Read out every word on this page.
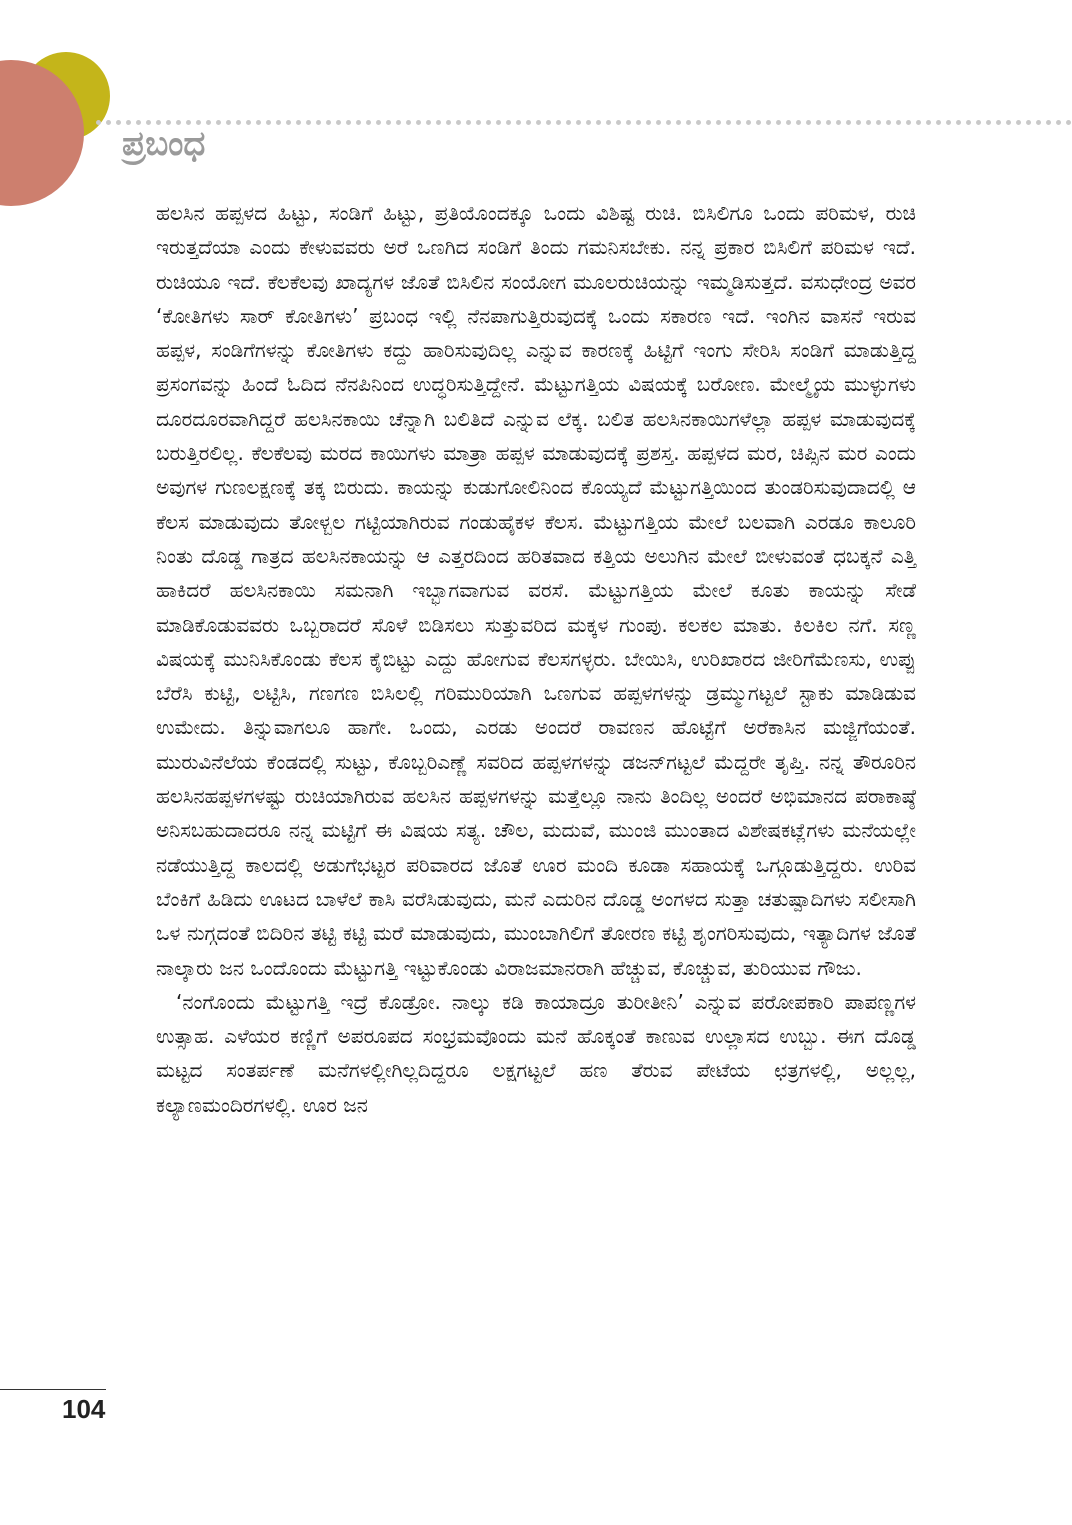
ಪ್ರಬಂಧ

ಹಲಸಿನ ಹಪ್ಪಳದ ಹಿಟ್ಟು, ಸಂಡಿಗೆ ಹಿಟ್ಟು, ಪ್ರತಿಯೊಂದಕ್ಕೂ ಒಂದು ವಿಶಿಷ್ಟ ರುಚಿ. ಬಿಸಿಲಿಗೂ ಒಂದು ಪರಿಮಳ, ರುಚಿ ಇರುತ್ತದೆಯಾ ಎಂದು ಕೇಳುವವರು ಅರೆ ಒಣಗಿದ ಸಂಡಿಗೆ ತಿಂದು ಗಮನಿಸಬೇಕು. ನನ್ನ ಪ್ರಕಾರ ಬಿಸಿಲಿಗೆ ಪರಿಮಳ ಇದೆ. ರುಚಿಯೂ ಇದೆ. ಕೆಲಕೆಲವು ಖಾದ್ಯಗಳ ಜೊತೆ ಬಿಸಿಲಿನ ಸಂಯೋಗ ಮೂಲರುಚಿಯನ್ನು ಇಮ್ಮಡಿಸುತ್ತದೆ. ವಸುಧೇಂದ್ರ ಅವರ ‘ಕೋತಿಗಳು ಸಾರ್ ಕೋತಿಗಳು’ ಪ್ರಬಂಧ ಇಲ್ಲಿ ನೆನಪಾಗುತ್ತಿರುವುದಕ್ಕೆ ಒಂದು ಸಕಾರಣ ಇದೆ. ಇಂಗಿನ ವಾಸನೆ ಇರುವ ಹಪ್ಪಳ, ಸಂಡಿಗೆಗಳನ್ನು ಕೋತಿಗಳು ಕದ್ದು ಹಾರಿಸುವುದಿಲ್ಲ ಎನ್ನುವ ಕಾರಣಕ್ಕೆ ಹಿಟ್ಟಿಗೆ ಇಂಗು ಸೇರಿಸಿ ಸಂಡಿಗೆ ಮಾಡುತ್ತಿದ್ದ ಪ್ರಸಂಗವನ್ನು ಹಿಂದೆ ಓದಿದ ನೆನಪಿನಿಂದ ಉದ್ಧರಿಸುತ್ತಿದ್ದೇನೆ. ಮೆಟ್ಟುಗತ್ತಿಯ ವಿಷಯಕ್ಕೆ ಬರೋಣ. ಮೇಲ್ಮೈಯ ಮುಳ್ಳುಗಳು ದೂರದೂರವಾಗಿದ್ದರೆ ಹಲಸಿನಕಾಯಿ ಚೆನ್ನಾಗಿ ಬಲಿತಿದೆ ಎನ್ನುವ ಲೆಕ್ಕ. ಬಲಿತ ಹಲಸಿನಕಾಯಿಗಳೆಲ್ಲಾ ಹಪ್ಪಳ ಮಾಡುವುದಕ್ಕೆ ಬರುತ್ತಿರಲಿಲ್ಲ. ಕೆಲಕೆಲವು ಮರದ ಕಾಯಿಗಳು ಮಾತ್ರಾ ಹಪ್ಪಳ ಮಾಡುವುದಕ್ಕೆ ಪ್ರಶಸ್ತ. ಹಪ್ಪಳದ ಮರ, ಚಿಪ್ಸಿನ ಮರ ಎಂದು ಅವುಗಳ ಗುಣಲಕ್ಷಣಕ್ಕೆ ತಕ್ಕ ಬಿರುದು. ಕಾಯನ್ನು ಕುಡುಗೋಲಿನಿಂದ ಕೊಯ್ಯದೆ ಮೆಟ್ಟುಗತ್ತಿಯಿಂದ ತುಂಡರಿಸುವುದಾದಲ್ಲಿ ಆ ಕೆಲಸ ಮಾಡುವುದು ತೋಳ್ಬಲ ಗಟ್ಟಿಯಾಗಿರುವ ಗಂಡುಹೈಕಳ ಕೆಲಸ. ಮೆಟ್ಟುಗತ್ತಿಯ ಮೇಲೆ ಬಲವಾಗಿ ಎರಡೂ ಕಾಲೂರಿ ನಿಂತು ದೊಡ್ಡ ಗಾತ್ರದ ಹಲಸಿನಕಾಯನ್ನು ಆ ಎತ್ತರದಿಂದ ಹರಿತವಾದ ಕತ್ತಿಯ ಅಲುಗಿನ ಮೇಲೆ ಬೀಳುವಂತೆ ಧಬಕ್ಕನೆ ಎತ್ತಿ ಹಾಕಿದರೆ ಹಲಸಿನಕಾಯಿ ಸಮನಾಗಿ ಇಬ್ಭಾಗವಾಗುವ ವರಸೆ. ಮೆಟ್ಟುಗತ್ತಿಯ ಮೇಲೆ ಕೂತು ಕಾಯನ್ನು ಸೇಡೆ ಮಾಡಿಕೊಡುವವರು ಒಬ್ಬರಾದರೆ ಸೊಳೆ ಬಿಡಿಸಲು ಸುತ್ತುವರಿದ ಮಕ್ಕಳ ಗುಂಪು. ಕಲಕಲ ಮಾತು. ಕಿಲಕಿಲ ನಗೆ. ಸಣ್ಣ ವಿಷಯಕ್ಕೆ ಮುನಿಸಿಕೊಂಡು ಕೆಲಸ ಕೈಬಿಟ್ಟು ಎದ್ದು ಹೋಗುವ ಕೆಲಸಗಳ್ಳರು. ಬೇಯಿಸಿ, ಉರಿಖಾರದ ಜೀರಿಗೆಮೆಣಸು, ಉಪ್ಪು ಬೆರೆಸಿ ಕುಟ್ಟಿ, ಲಟ್ಟಿಸಿ, ಗಣಗಣ ಬಿಸಿಲಲ್ಲಿ ಗರಿಮುರಿಯಾಗಿ ಒಣಗುವ ಹಪ್ಪಳಗಳನ್ನು ಡ್ರಮ್ಮುಗಟ್ಟಲೆ ಸ್ಟಾಕು ಮಾಡಿಡುವ ಉಮೇದು. ತಿನ್ನುವಾಗಲೂ ಹಾಗೇ. ಒಂದು, ಎರಡು ಅಂದರೆ ರಾವಣನ ಹೊಟ್ಟೆಗೆ ಅರೆಕಾಸಿನ ಮಜ್ಜಿಗೆಯಂತೆ. ಮುರುವಿನೆಲೆಯ ಕೆಂಡದಲ್ಲಿ ಸುಟ್ಟು, ಕೊಬ್ಬರಿಎಣ್ಣೆ ಸವರಿದ ಹಪ್ಪಳಗಳನ್ನು ಡಜನ್‌ಗಟ್ಟಲೆ ಮೆದ್ದರೇ ತೃಪ್ತಿ. ನನ್ನ ತೌರೂರಿನ ಹಲಸಿನಹಪ್ಪಳಗಳಷ್ಟು ರುಚಿಯಾಗಿರುವ ಹಲಸಿನ ಹಪ್ಪಳಗಳನ್ನು ಮತ್ತೆಲ್ಲೂ ನಾನು ತಿಂದಿಲ್ಲ ಅಂದರೆ ಅಭಿಮಾನದ ಪರಾಕಾಷ್ಠೆ ಅನಿಸಬಹುದಾದರೂ ನನ್ನ ಮಟ್ಟಿಗೆ ಈ ವಿಷಯ ಸತ್ಯ. ಚೌಲ, ಮದುವೆ, ಮುಂಜಿ ಮುಂತಾದ ವಿಶೇಷಕಟ್ಲೆಗಳು ಮನೆಯಲ್ಲೇ ನಡೆಯುತ್ತಿದ್ದ ಕಾಲದಲ್ಲಿ ಅಡುಗೆಭಟ್ಟರ ಪರಿವಾರದ ಜೊತೆ ಊರ ಮಂದಿ ಕೂಡಾ ಸಹಾಯಕ್ಕೆ ಒಗ್ಗೂಡುತ್ತಿದ್ದರು. ಉರಿವ ಬೆಂಕಿಗೆ ಹಿಡಿದು ಊಟದ ಬಾಳೆಲೆ ಕಾಸಿ ವರೆಸಿಡುವುದು, ಮನೆ ಎದುರಿನ ದೊಡ್ಡ ಅಂಗಳದ ಸುತ್ತಾ ಚತುಷ್ಪಾದಿಗಳು ಸಲೀಸಾಗಿ ಒಳ ನುಗ್ಗದಂತೆ ಬಿದಿರಿನ ತಟ್ಟಿ ಕಟ್ಟಿ ಮರೆ ಮಾಡುವುದು, ಮುಂಬಾಗಿಲಿಗೆ ತೋರಣ ಕಟ್ಟಿ ಶೃಂಗರಿಸುವುದು, ಇತ್ಯಾದಿಗಳ ಜೊತೆ ನಾಲ್ಕಾರು ಜನ ಒಂದೊಂದು ಮೆಟ್ಟುಗತ್ತಿ ಇಟ್ಟುಕೊಂಡು ವಿರಾಜಮಾನರಾಗಿ ಹೆಚ್ಚುವ, ಕೊಚ್ಚುವ, ತುರಿಯುವ ಗೌಜು.

‘ನಂಗೊಂದು ಮೆಟ್ಟುಗತ್ತಿ ಇದ್ರೆ ಕೊಡ್ರೋ. ನಾಲ್ಕು ಕಡಿ ಕಾಯಾದ್ರೂ ತುರೀತೀನಿ’ ಎನ್ನುವ ಪರೋಪಕಾರಿ ಪಾಪಣ್ಣಗಳ ಉತ್ಸಾಹ. ಎಳೆಯರ ಕಣ್ಣಿಗೆ ಅಪರೂಪದ ಸಂಭ್ರಮವೊಂದು ಮನೆ ಹೊಕ್ಕಂತೆ ಕಾಣುವ ಉಲ್ಲಾಸದ ಉಬ್ಬು. ಈಗ ದೊಡ್ಡ ಮಟ್ಟದ ಸಂತರ್ಪಣೆ ಮನೆಗಳಲ್ಲೀಗಿಲ್ಲದಿದ್ದರೂ ಲಕ್ಷಗಟ್ಟಲೆ ಹಣ ತೆರುವ ಪೇಟೆಯ ಛತ್ರಗಳಲ್ಲಿ, ಅಲ್ಲಲ್ಲ, ಕಲ್ಯಾಣಮಂದಿರಗಳಲ್ಲಿ. ಊರ ಜನ

104
